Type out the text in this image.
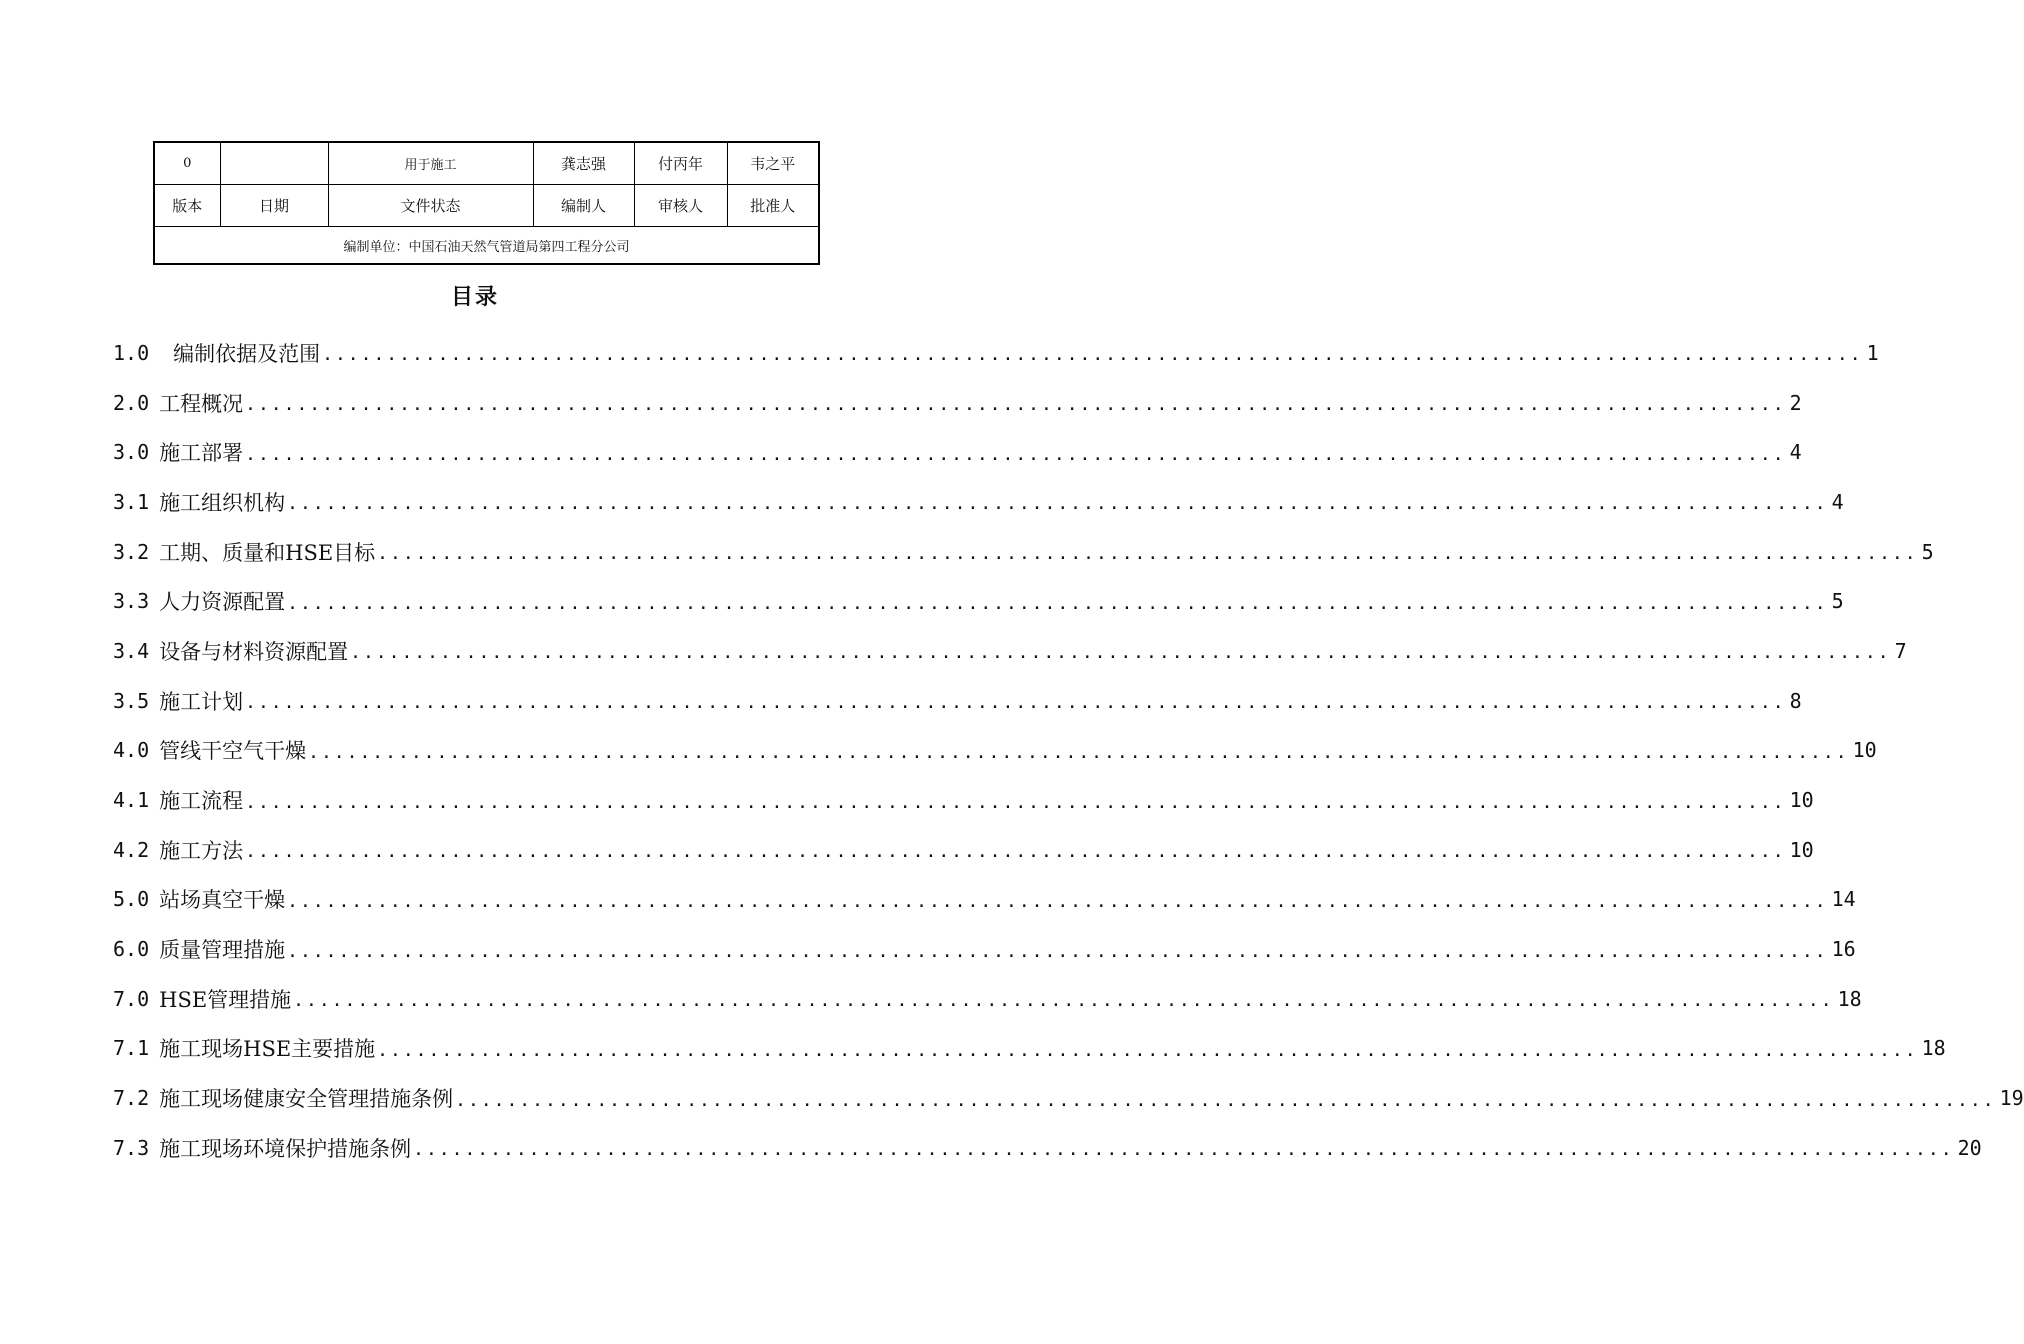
0		用于施工	龚志强	付丙年	韦之平
版本	日期	文件状态	编制人	审核人	批准人
编制单位：中国石油天然气管道局第四工程分公司					
目录
1.0 编制依据及范围 ........................................................................................................................ 1
2.0 工程概况 ........................................................................................................................ 2
3.0 施工部署 ........................................................................................................................ 4
3.1 施工组织机构 ........................................................................................................................ 4
3.2 工期、质量和HSE目标 ........................................................................................................................ 5
3.3 人力资源配置 ........................................................................................................................ 5
3.4 设备与材料资源配置 ........................................................................................................................ 7
3.5 施工计划 ........................................................................................................................ 8
4.0 管线干空气干燥 ........................................................................................................................ 10
4.1 施工流程 ........................................................................................................................ 10
4.2 施工方法 ........................................................................................................................ 10
5.0 站场真空干燥 ........................................................................................................................ 14
6.0 质量管理措施 ........................................................................................................................ 16
7.0 HSE管理措施 ........................................................................................................................ 18
7.1 施工现场HSE主要措施 ........................................................................................................................ 18
7.2 施工现场健康安全管理措施条例 ........................................................................................................................ 19
7.3 施工现场环境保护措施条例 ........................................................................................................................ 20
